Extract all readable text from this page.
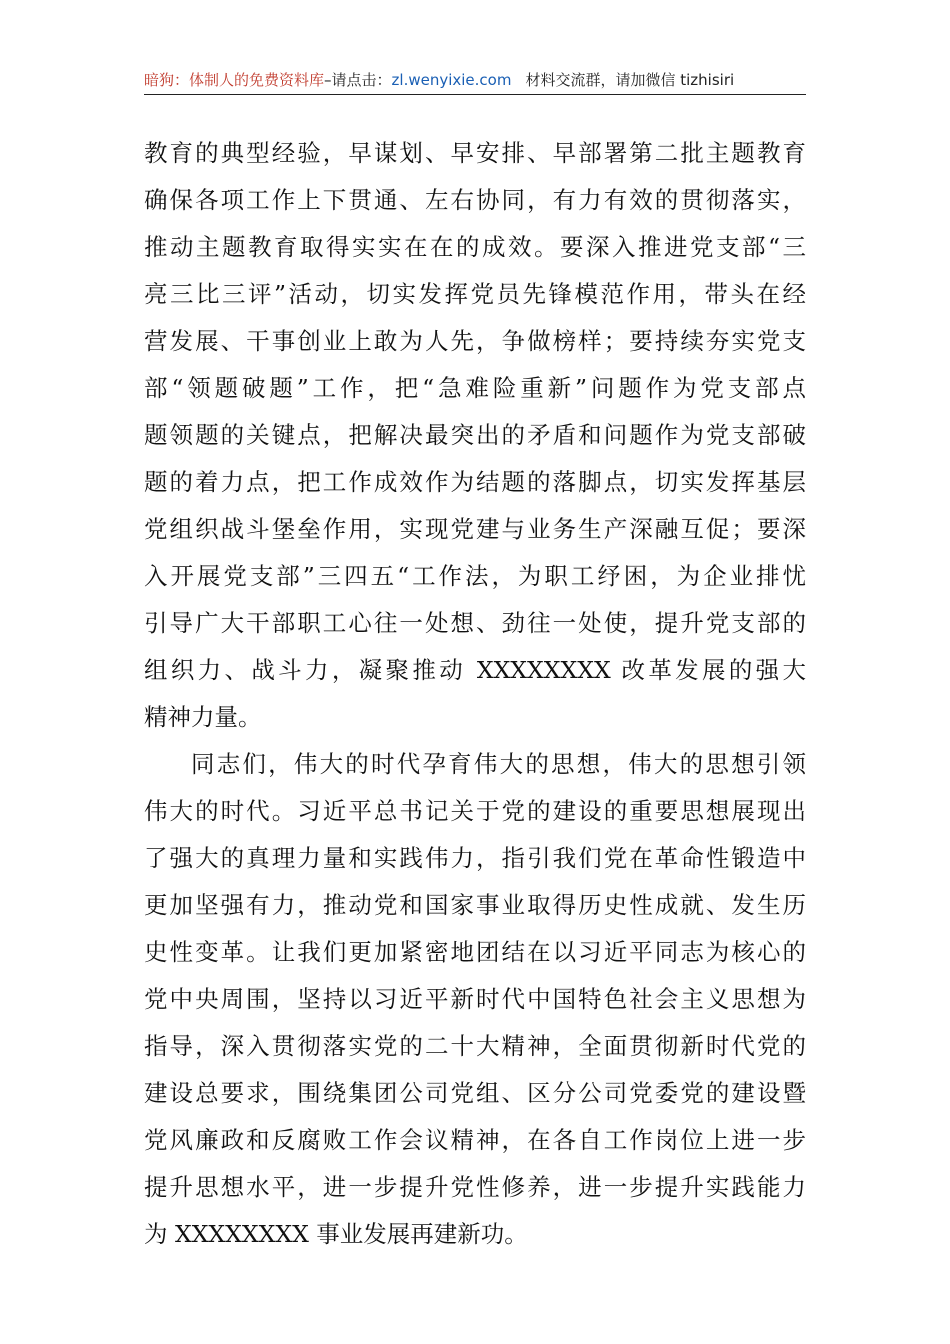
暗狗：体制人的免费资料库–请点击：zl.wenyixie.com 材料交流群，请加微信 tizhisiri
教育的典型经验，早谋划、早安排、早部署第二批主题教育
确保各项工作上下贯通、左右协同，有力有效的贯彻落实，
推动主题教育取得实实在在的成效。要深入推进党支部“三
亮三比三评”活动，切实发挥党员先锋模范作用，带头在经
营发展、干事创业上敢为人先，争做榜样；要持续夯实党支
部“领题破题”工作，把“急难险重新”问题作为党支部点
题领题的关键点，把解决最突出的矛盾和问题作为党支部破
题的着力点，把工作成效作为结题的落脚点，切实发挥基层
党组织战斗堡垒作用，实现党建与业务生产深融互促；要深
入开展党支部”三四五“工作法，为职工纾困，为企业排忧
引导广大干部职工心往一处想、劲往一处使，提升党支部的
组织力、战斗力，凝聚推动 XXXXXXXX 改革发展的强大
精神力量。
同志们，伟大的时代孕育伟大的思想，伟大的思想引领
伟大的时代。习近平总书记关于党的建设的重要思想展现出
了强大的真理力量和实践伟力，指引我们党在革命性锻造中
更加坚强有力，推动党和国家事业取得历史性成就、发生历
史性变革。让我们更加紧密地团结在以习近平同志为核心的
党中央周围，坚持以习近平新时代中国特色社会主义思想为
指导，深入贯彻落实党的二十大精神，全面贯彻新时代党的
建设总要求，围绕集团公司党组、区分公司党委党的建设暨
党风廉政和反腐败工作会议精神，在各自工作岗位上进一步
提升思想水平，进一步提升党性修养，进一步提升实践能力
为 XXXXXXXX 事业发展再建新功。
